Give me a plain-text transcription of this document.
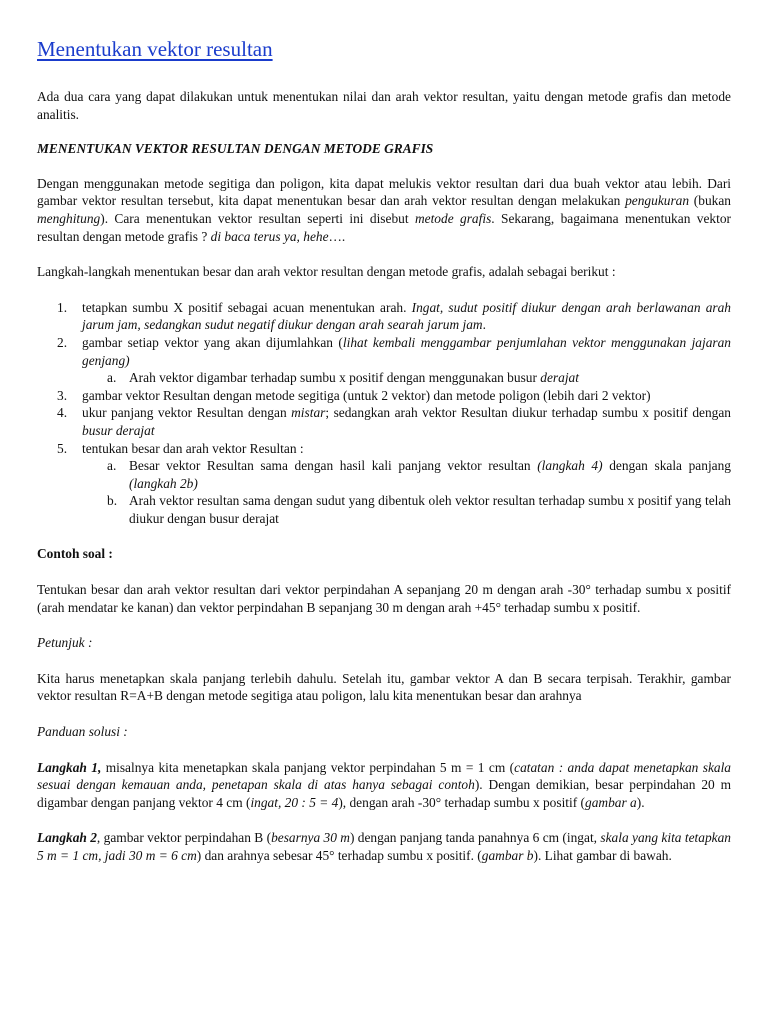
Menentukan vektor resultan

Ada dua cara yang dapat dilakukan untuk menentukan nilai dan arah vektor resultan, yaitu dengan metode grafis dan metode analitis.

MENENTUKAN VEKTOR RESULTAN DENGAN METODE GRAFIS

Dengan menggunakan metode segitiga dan poligon, kita dapat melukis vektor resultan dari dua buah vektor atau lebih. Dari gambar vektor resultan tersebut, kita dapat menentukan besar dan arah vektor resultan dengan melakukan pengukuran (bukan menghitung). Cara menentukan vektor resultan seperti ini disebut metode grafis. Sekarang, bagaimana menentukan vektor resultan dengan metode grafis ? di baca terus ya, hehe….

Langkah-langkah menentukan besar dan arah vektor resultan dengan metode grafis, adalah sebagai berikut :

1. tetapkan sumbu X positif sebagai acuan menentukan arah. Ingat, sudut positif diukur dengan arah berlawanan arah jarum jam, sedangkan sudut negatif diukur dengan arah searah jarum jam.
2. gambar setiap vektor yang akan dijumlahkan (lihat kembali menggambar penjumlahan vektor menggunakan jajaran genjang)
a. Arah vektor digambar terhadap sumbu x positif dengan menggunakan busur derajat
3. gambar vektor Resultan dengan metode segitiga (untuk 2 vektor) dan metode poligon (lebih dari 2 vektor)
4. ukur panjang vektor Resultan dengan mistar; sedangkan arah vektor Resultan diukur terhadap sumbu x positif dengan busur derajat
5. tentukan besar dan arah vektor Resultan :
a. Besar vektor Resultan sama dengan hasil kali panjang vektor resultan (langkah 4) dengan skala panjang (langkah 2b)
b. Arah vektor resultan sama dengan sudut yang dibentuk oleh vektor resultan terhadap sumbu x positif yang telah diukur dengan busur derajat

Contoh soal :

Tentukan besar dan arah vektor resultan dari vektor perpindahan A sepanjang 20 m dengan arah -30° terhadap sumbu x positif (arah mendatar ke kanan) dan vektor perpindahan B sepanjang 30 m dengan arah +45° terhadap sumbu x positif.

Petunjuk :

Kita harus menetapkan skala panjang terlebih dahulu. Setelah itu, gambar vektor A dan B secara terpisah. Terakhir, gambar vektor resultan R=A+B dengan metode segitiga atau poligon, lalu kita menentukan besar dan arahnya

Panduan solusi :

Langkah 1, misalnya kita menetapkan skala panjang vektor perpindahan 5 m = 1 cm (catatan : anda dapat menetapkan skala sesuai dengan kemauan anda, penetapan skala di atas hanya sebagai contoh). Dengan demikian, besar perpindahan 20 m digambar dengan panjang vektor 4 cm (ingat, 20 : 5 = 4), dengan arah -30° terhadap sumbu x positif (gambar a).

Langkah 2, gambar vektor perpindahan B (besarnya 30 m) dengan panjang tanda panahnya 6 cm (ingat, skala yang kita tetapkan 5 m = 1 cm, jadi 30 m = 6 cm) dan arahnya sebesar 45° terhadap sumbu x positif. (gambar b). Lihat gambar di bawah.
